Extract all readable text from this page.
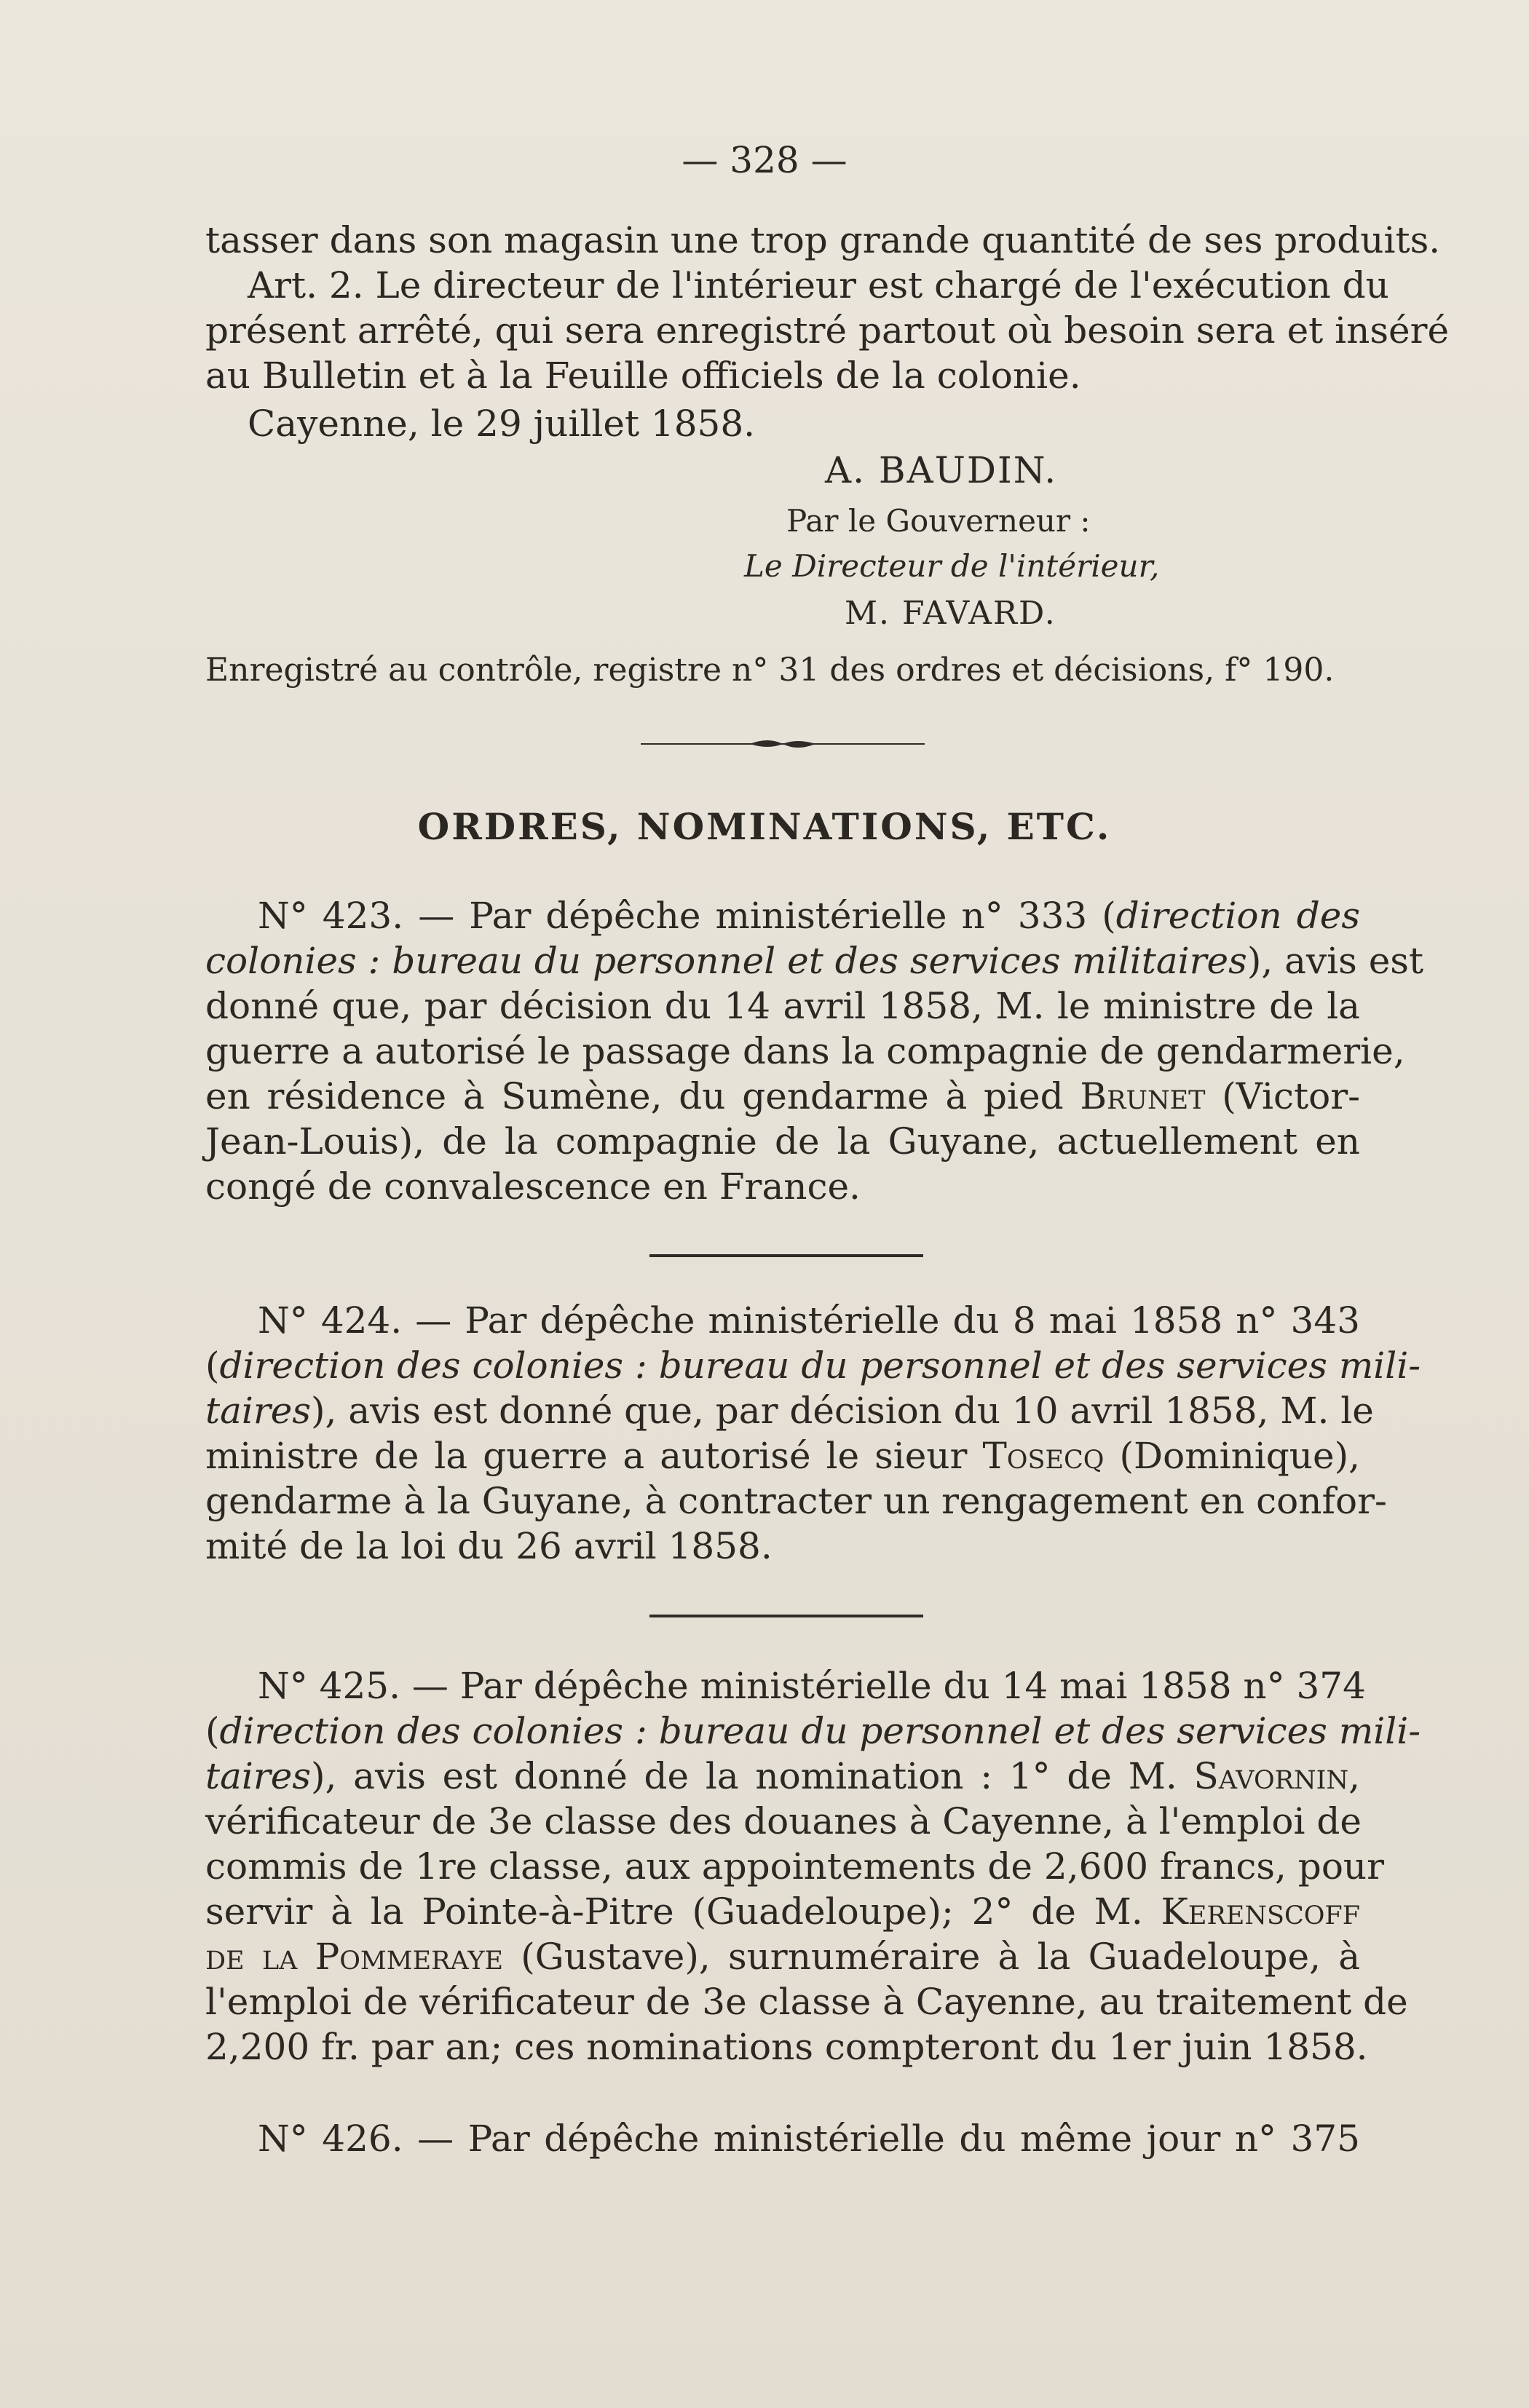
— 328 —
tasser dans son magasin une trop grande quantité de ses produits.
Art. 2. Le directeur de l'intérieur est chargé de l'exécution du
présent arrêté, qui sera enregistré partout où besoin sera et inséré
au Bulletin et à la Feuille officiels de la colonie.
Cayenne, le 29 juillet 1858.
A. BAUDIN.
Par le Gouverneur :
Le Directeur de l'intérieur,
M. FAVARD.
Enregistré au contrôle, registre n° 31 des ordres et décisions, f° 190.
ORDRES, NOMINATIONS, ETC.
N° 423. — Par dépêche ministérielle n° 333 (direction des
colonies : bureau du personnel et des services militaires), avis est
donné que, par décision du 14 avril 1858, M. le ministre de la
guerre a autorisé le passage dans la compagnie de gendarmerie,
en résidence à Sumène, du gendarme à pied Brunet (Victor-
Jean-Louis), de la compagnie de la Guyane, actuellement en
congé de convalescence en France.
N° 424. — Par dépêche ministérielle du 8 mai 1858 n° 343
(direction des colonies : bureau du personnel et des services mili-
taires), avis est donné que, par décision du 10 avril 1858, M. le
ministre de la guerre a autorisé le sieur Tosecq (Dominique),
gendarme à la Guyane, à contracter un rengagement en confor-
mité de la loi du 26 avril 1858.
N° 425. — Par dépêche ministérielle du 14 mai 1858 n° 374
(direction des colonies : bureau du personnel et des services mili-
taires), avis est donné de la nomination : 1° de M. Savornin,
vérificateur de 3e classe des douanes à Cayenne, à l'emploi de
commis de 1re classe, aux appointements de 2,600 francs, pour
servir à la Pointe-à-Pitre (Guadeloupe); 2° de M. Kerenscoff
de la Pommeraye (Gustave), surnuméraire à la Guadeloupe, à
l'emploi de vérificateur de 3e classe à Cayenne, au traitement de
2,200 fr. par an; ces nominations compteront du 1er juin 1858.
N° 426. — Par dépêche ministérielle du même jour n° 375
